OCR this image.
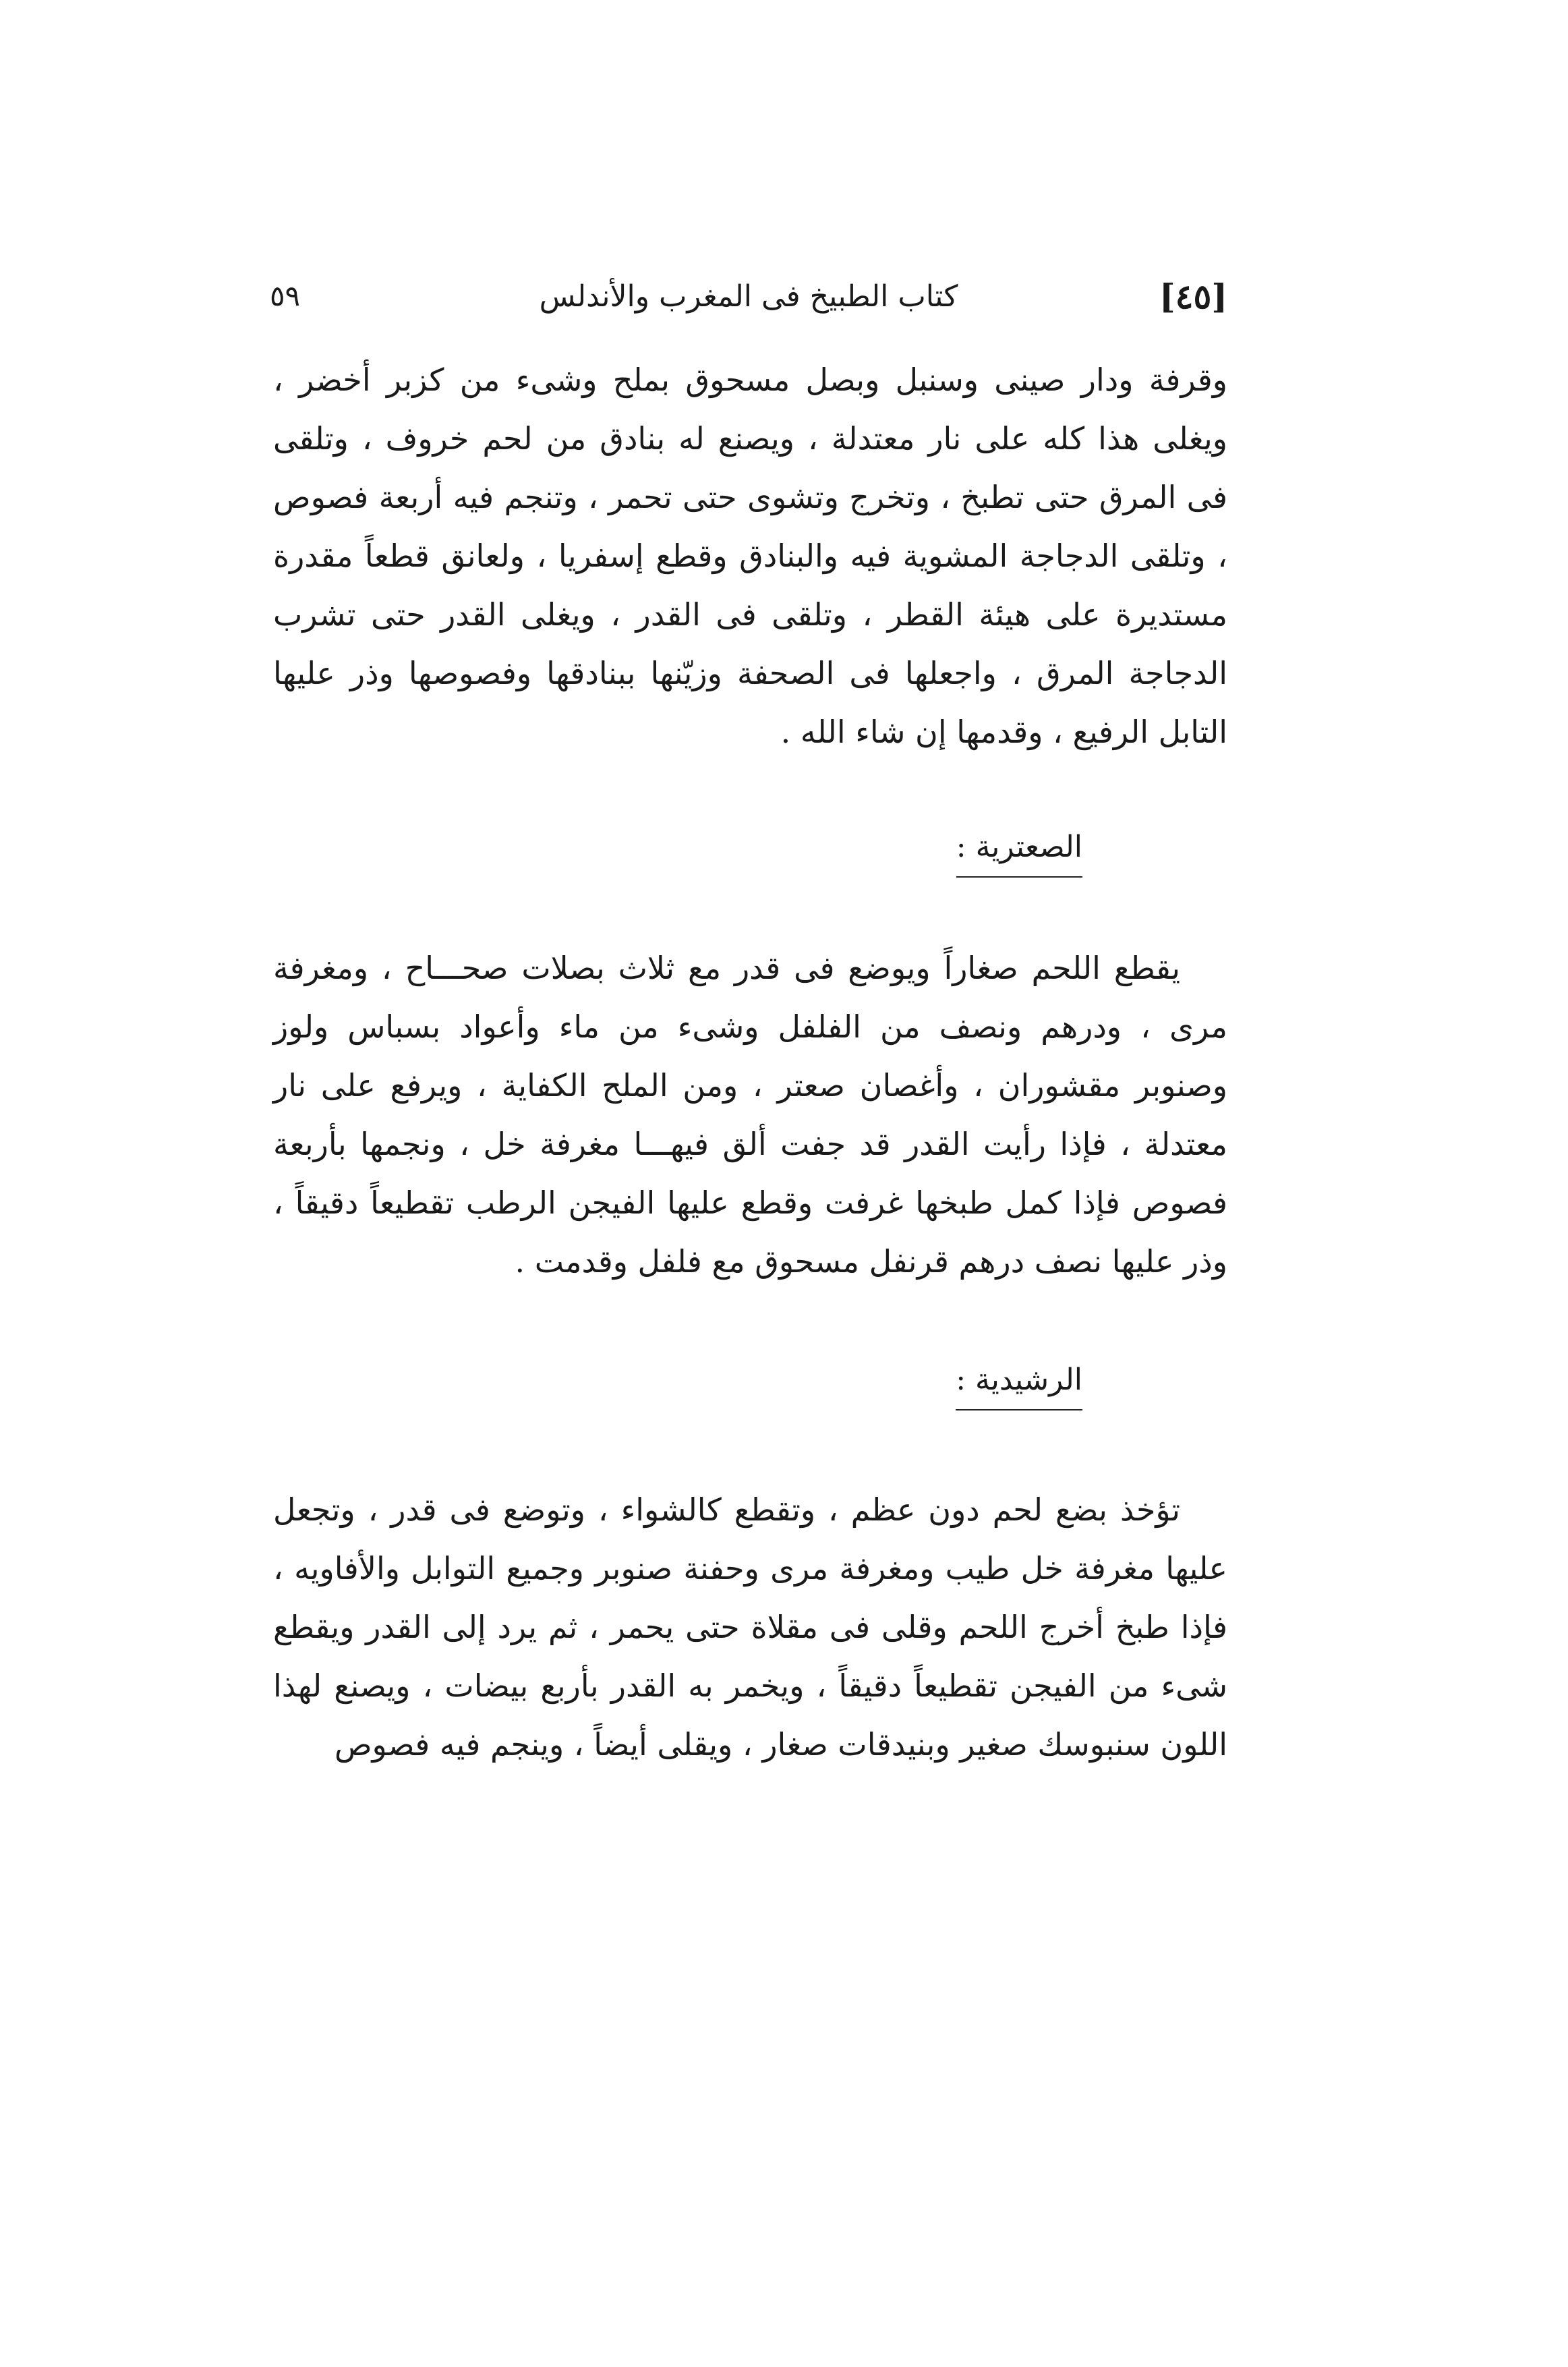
[٤٥]
كتاب الطبيخ فى المغرب والأندلس
٥٩

وقرفة ودار صينى وسنبل وبصل مسحوق بملح وشىء من كزبر أخضر ، ويغلى هذا كله على نار معتدلة ، ويصنع له بنادق من لحم خروف ، وتلقى فى المرق حتى تطبخ ، وتخرج وتشوى حتى تحمر ، وتنجم فيه أربعة فصوص ، وتلقى الدجاجة المشوية فيه والبنادق وقطع إسفريا ، ولعانق قطعاً مقدرة مستديرة على هيئة القطر ، وتلقى فى القدر ، ويغلى القدر حتى تشرب الدجاجة المرق ، واجعلها فى الصحفة وزيّنها ببنادقها وفصوصها وذر عليها التابل الرفيع ، وقدمها إن شاء الله .

الصعترية :

يقطع اللحم صغاراً ويوضع فى قدر مع ثلاث بصلات صحـــاح ، ومغرفة مرى ، ودرهم ونصف من الفلفل وشىء من ماء وأعواد بسباس ولوز وصنوبر مقشوران ، وأغصان صعتر ، ومن الملح الكفاية ، ويرفع على نار معتدلة ، فإذا رأيت القدر قد جفت ألق فيهـــا مغرفة خل ، ونجمها بأربعة فصوص فإذا كمل طبخها غرفت وقطع عليها الفيجن الرطب تقطيعاً دقيقاً ، وذر عليها نصف درهم قرنفل مسحوق مع فلفل وقدمت .

الرشيدية :

تؤخذ بضع لحم دون عظم ، وتقطع كالشواء ، وتوضع فى قدر ، وتجعل عليها مغرفة خل طيب ومغرفة مرى وحفنة صنوبر وجميع التوابل والأفاويه ، فإذا طبخ أخرج اللحم وقلى فى مقلاة حتى يحمر ، ثم يرد إلى القدر ويقطع شىء من الفيجن تقطيعاً دقيقاً ، ويخمر به القدر بأربع بيضات ، ويصنع لهذا اللون سنبوسك صغير وبنيدقات صغار ، ويقلى أيضاً ، وينجم فيه فصوص
